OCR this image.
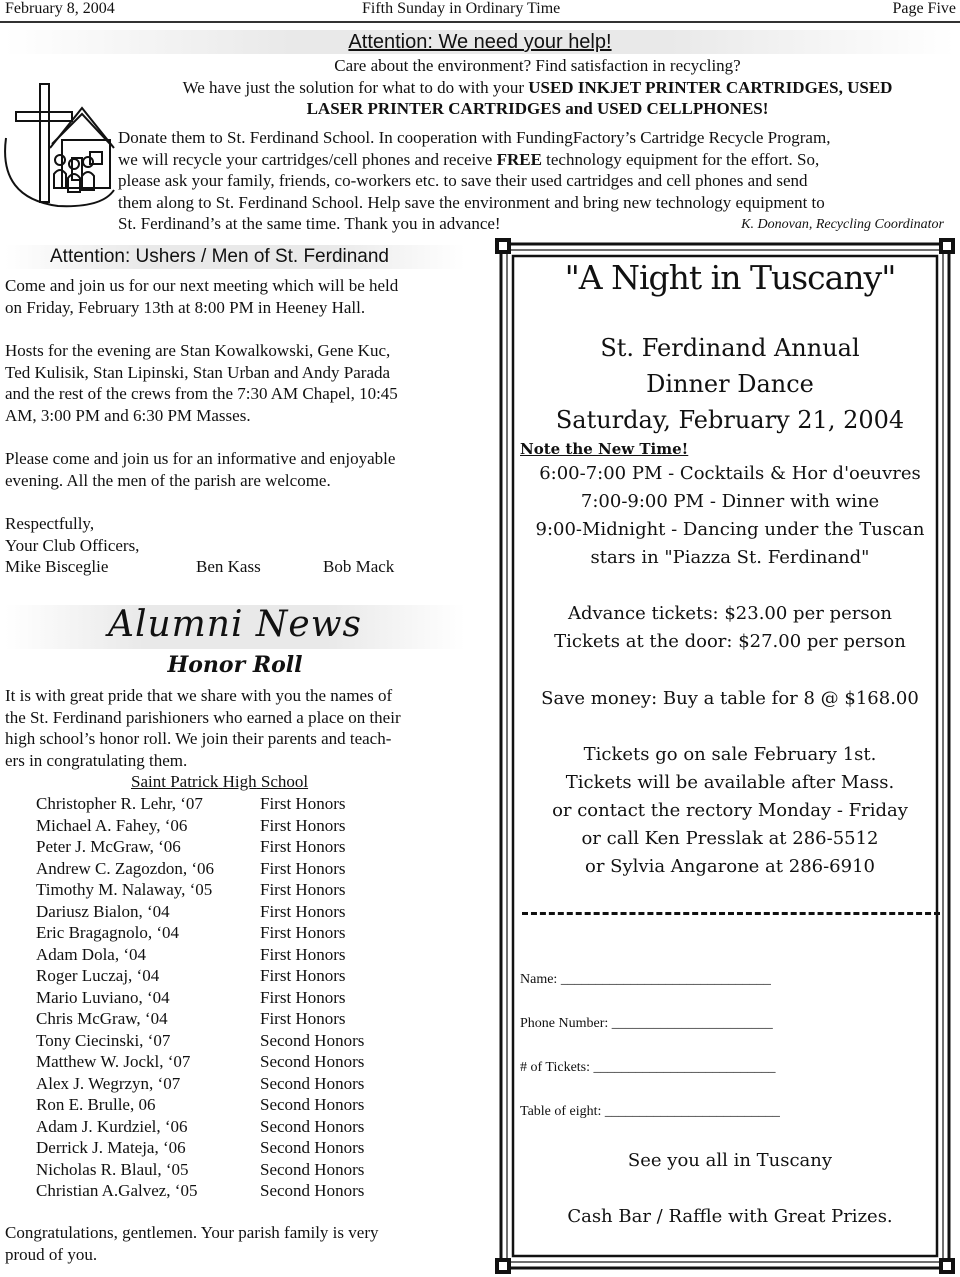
February 8, 2004	Fifth Sunday in Ordinary Time	Page Five
Attention: We need your help!

Care about the environment? Find satisfaction in recycling?

We have just the solution for what to do with your USED INKJET PRINTER CARTRIDGES, USED

LASER PRINTER CARTRIDGES and USED CELLPHONES!

Donate them to St. Ferdinand School. In cooperation with FundingFactory’s Cartridge Recycle Program,

we will recycle your cartridges/cell phones and receive FREE technology equipment for the effort. So,

please ask your family, friends, co-workers etc. to save their used cartridges and cell phones and send

them along to St. Ferdinand School. Help save the environment and bring new technology equipment to

St. Ferdinand’s at the same time. Thank you in advance!	K. Donovan, Recycling Coordinator

Attention: Ushers / Men of St. Ferdinand

Come and join us for our next meeting which will be held

on Friday, February 13th at 8:00 PM in Heeney Hall.

Hosts for the evening are Stan Kowalkowski, Gene Kuc,

Ted Kulisik, Stan Lipinski, Stan Urban and Andy Parada

and the rest of the crews from the 7:30 AM Chapel, 10:45

AM, 3:00 PM and 6:30 PM Masses.

Please come and join us for an informative and enjoyable

evening. All the men of the parish are welcome.

Respectfully,

Your Club Officers,

Mike Bisceglie	Ben Kass	Bob Mack

Alumni News
Honor Roll

It is with great pride that we share with you the names of

the St. Ferdinand parishioners who earned a place on their

high school’s honor roll. We join their parents and teach-

ers in congratulating them.

Saint Patrick High School
Christopher R. Lehr, ‘07	First Honors
Michael A. Fahey, ‘06	First Honors
Peter J. McGraw, ‘06	First Honors
Andrew C. Zagozdon, ‘06	First Honors
Timothy M. Nalaway, ‘05	First Honors
Dariusz Bialon, ‘04	First Honors
Eric Bragagnolo, ‘04	First Honors
Adam Dola, ‘04	First Honors
Roger Luczaj, ‘04	First Honors
Mario Luviano, ‘04	First Honors
Chris McGraw, ‘04	First Honors
Tony Ciecinski, ‘07	Second Honors
Matthew W. Jockl, ‘07	Second Honors
Alex J. Wegrzyn, ‘07	Second Honors
Ron E. Brulle, 06	Second Honors
Adam J. Kurdziel, ‘06	Second Honors
Derrick J. Mateja, ‘06	Second Honors
Nicholas R. Blaul, ‘05	Second Honors
Christian A.Galvez, ‘05	Second Honors

Congratulations, gentlemen. Your parish family is very

proud of you.

"A Night in Tuscany"

St. Ferdinand Annual

Dinner Dance

Saturday, February 21, 2004

Note the New Time!

6:00-7:00 PM - Cocktails & Hor d'oeuvres

7:00-9:00 PM - Dinner with wine

9:00-Midnight - Dancing under the Tuscan

stars in "Piazza St. Ferdinand"

Advance tickets: $23.00 per person

Tickets at the door: $27.00 per person

Save money: Buy a table for 8 @ $168.00

Tickets go on sale February 1st.

Tickets will be available after Mass.

or contact the rectory Monday - Friday

or call Ken Presslak at 286-5512

or Sylvia Angarone at 286-6910

Name: ______________________________
Phone Number: _______________________
# of Tickets: __________________________
Table of eight: _________________________
See you all in Tuscany
Cash Bar / Raffle with Great Prizes.
